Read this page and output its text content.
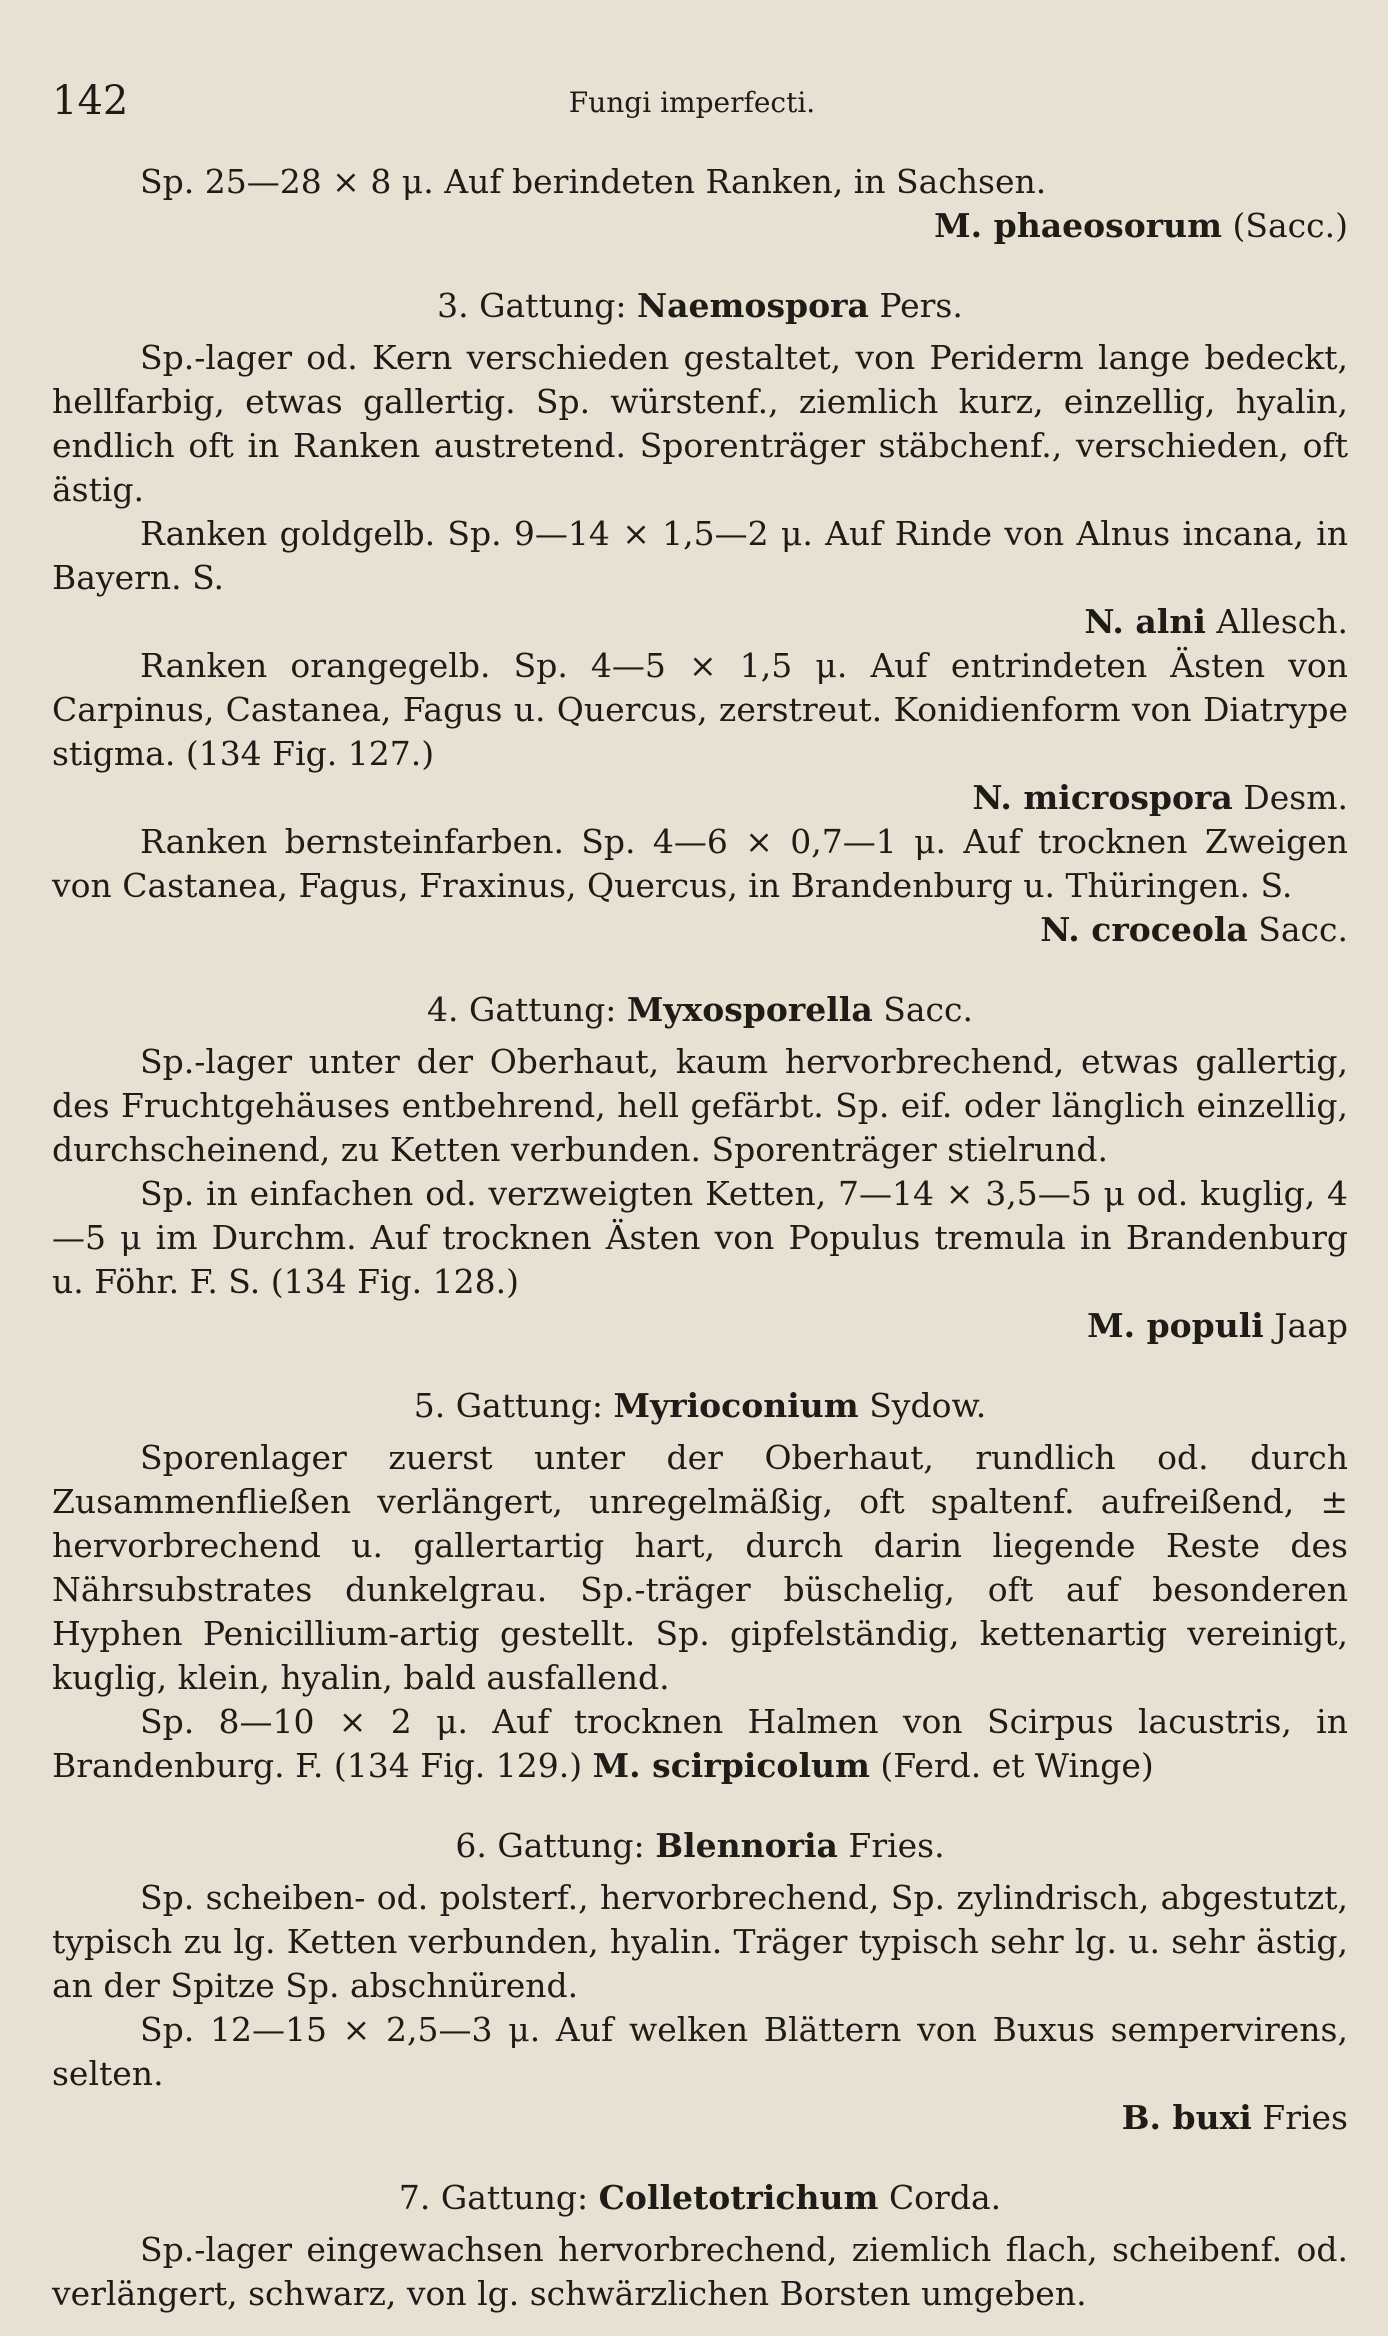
142	Fungi imperfecti.

Sp. 25—28 × 8 μ. Auf berindeten Ranken, in Sachsen.
M. phaeosorum (Sacc.)

3. Gattung: Naemospora Pers.

Sp.-lager od. Kern verschieden gestaltet, von Periderm lange bedeckt, hellfarbig, etwas gallertig. Sp. würstenf., ziemlich kurz, einzellig, hyalin, endlich oft in Ranken austretend. Sporenträger stäbchenf., verschieden, oft ästig.

Ranken goldgelb. Sp. 9—14 × 1,5—2 μ. Auf Rinde von Alnus incana, in Bayern. S.
N. alni Allesch.

Ranken orangegelb. Sp. 4—5 × 1,5 μ. Auf entrindeten Ästen von Carpinus, Castanea, Fagus u. Quercus, zerstreut. Konidienform von Diatrype stigma. (134 Fig. 127.)
N. microspora Desm.

Ranken bernsteinfarben. Sp. 4—6 × 0,7—1 μ. Auf trocknen Zweigen von Castanea, Fagus, Fraxinus, Quercus, in Brandenburg u. Thüringen. S.
N. croceola Sacc.

4. Gattung: Myxosporella Sacc.

Sp.-lager unter der Oberhaut, kaum hervorbrechend, etwas gallertig, des Fruchtgehäuses entbehrend, hell gefärbt. Sp. eif. oder länglich einzellig, durchscheinend, zu Ketten verbunden. Sporenträger stielrund.

Sp. in einfachen od. verzweigten Ketten, 7—14 × 3,5—5 μ od. kuglig, 4—5 μ im Durchm. Auf trocknen Ästen von Populus tremula in Brandenburg u. Föhr. F. S. (134 Fig. 128.)
M. populi Jaap

5. Gattung: Myrioconium Sydow.

Sporenlager zuerst unter der Oberhaut, rundlich od. durch Zusammenfließen verlängert, unregelmäßig, oft spaltenf. aufreißend, ± hervorbrechend u. gallertartig hart, durch darin liegende Reste des Nährsubstrates dunkelgrau. Sp.-träger büschelig, oft auf besonderen Hyphen Penicillium-artig gestellt. Sp. gipfelständig, kettenartig vereinigt, kuglig, klein, hyalin, bald ausfallend.

Sp. 8—10 × 2 μ. Auf trocknen Halmen von Scirpus lacustris, in Brandenburg. F. (134 Fig. 129.) M. scirpicolum (Ferd. et Winge)

6. Gattung: Blennoria Fries.

Sp. scheiben- od. polsterf., hervorbrechend, Sp. zylindrisch, abgestutzt, typisch zu lg. Ketten verbunden, hyalin. Träger typisch sehr lg. u. sehr ästig, an der Spitze Sp. abschnürend.

Sp. 12—15 × 2,5—3 μ. Auf welken Blättern von Buxus sempervirens, selten.
B. buxi Fries

7. Gattung: Colletotrichum Corda.

Sp.-lager eingewachsen hervorbrechend, ziemlich flach, scheibenf. od. verlängert, schwarz, von lg. schwärzlichen Borsten umgeben.
